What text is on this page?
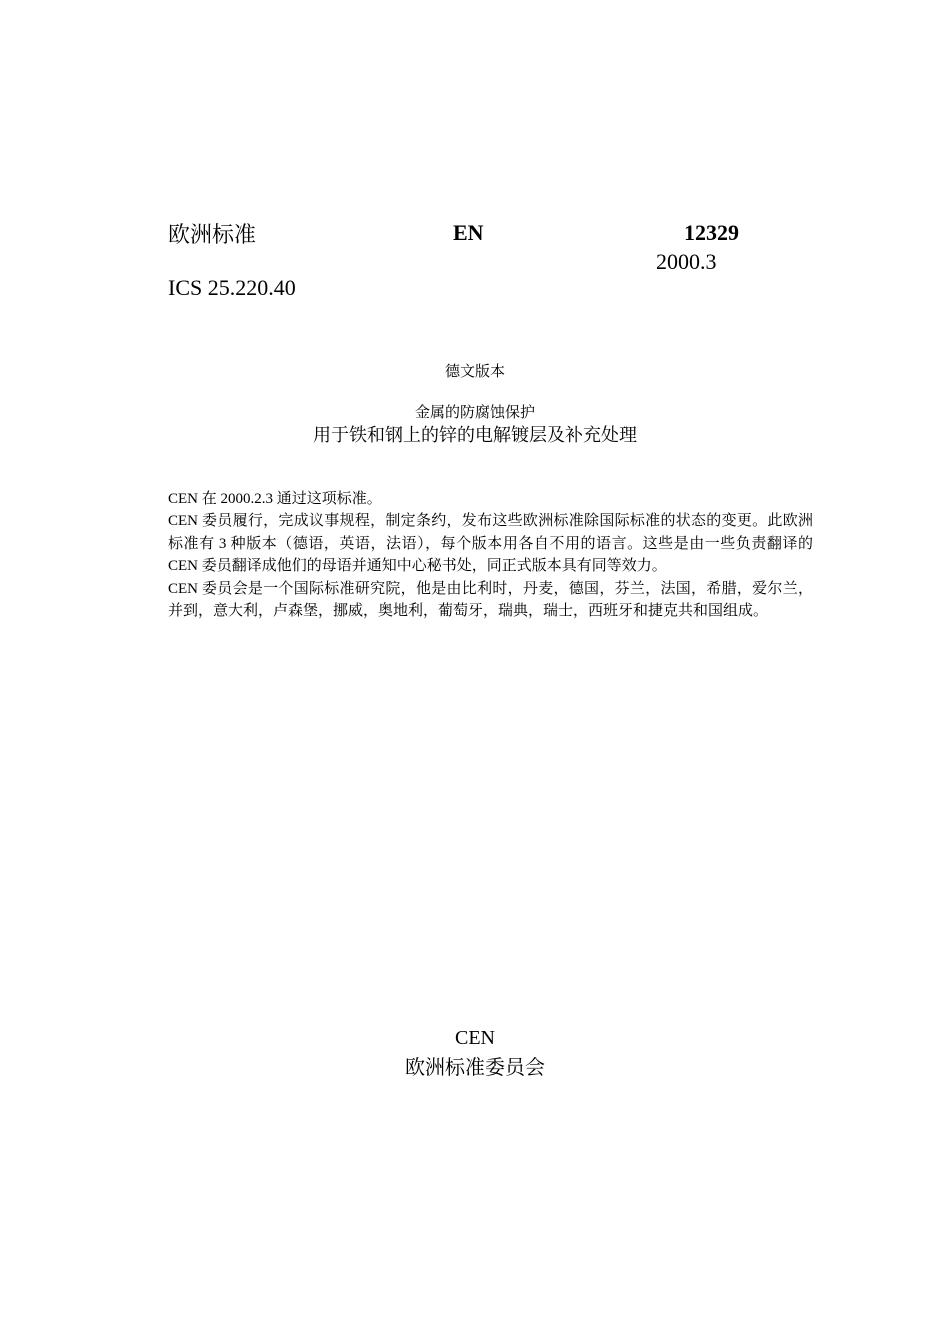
欧洲标准	EN	12329
2000.3
ICS 25.220.40
德文版本
金属的防腐蚀保护
用于铁和钢上的锌的电解镀层及补充处理

CEN 在 2000.2.3 通过这项标准。

CEN 委员履行，完成议事规程，制定条约，发布这些欧洲标准除国际标准的状态的变更。此欧洲标准有 3 种版本（德语，英语，法语），每个版本用各自不用的语言。这些是由一些负责翻译的 CEN 委员翻译成他们的母语并通知中心秘书处，同正式版本具有同等效力。

CEN 委员会是一个国际标准研究院，他是由比利时，丹麦，德国，芬兰，法国，希腊，爱尔兰，并到，意大利，卢森堡，挪威，奥地利，葡萄牙，瑞典，瑞士，西班牙和捷克共和国组成。

CEN
欧洲标准委员会
